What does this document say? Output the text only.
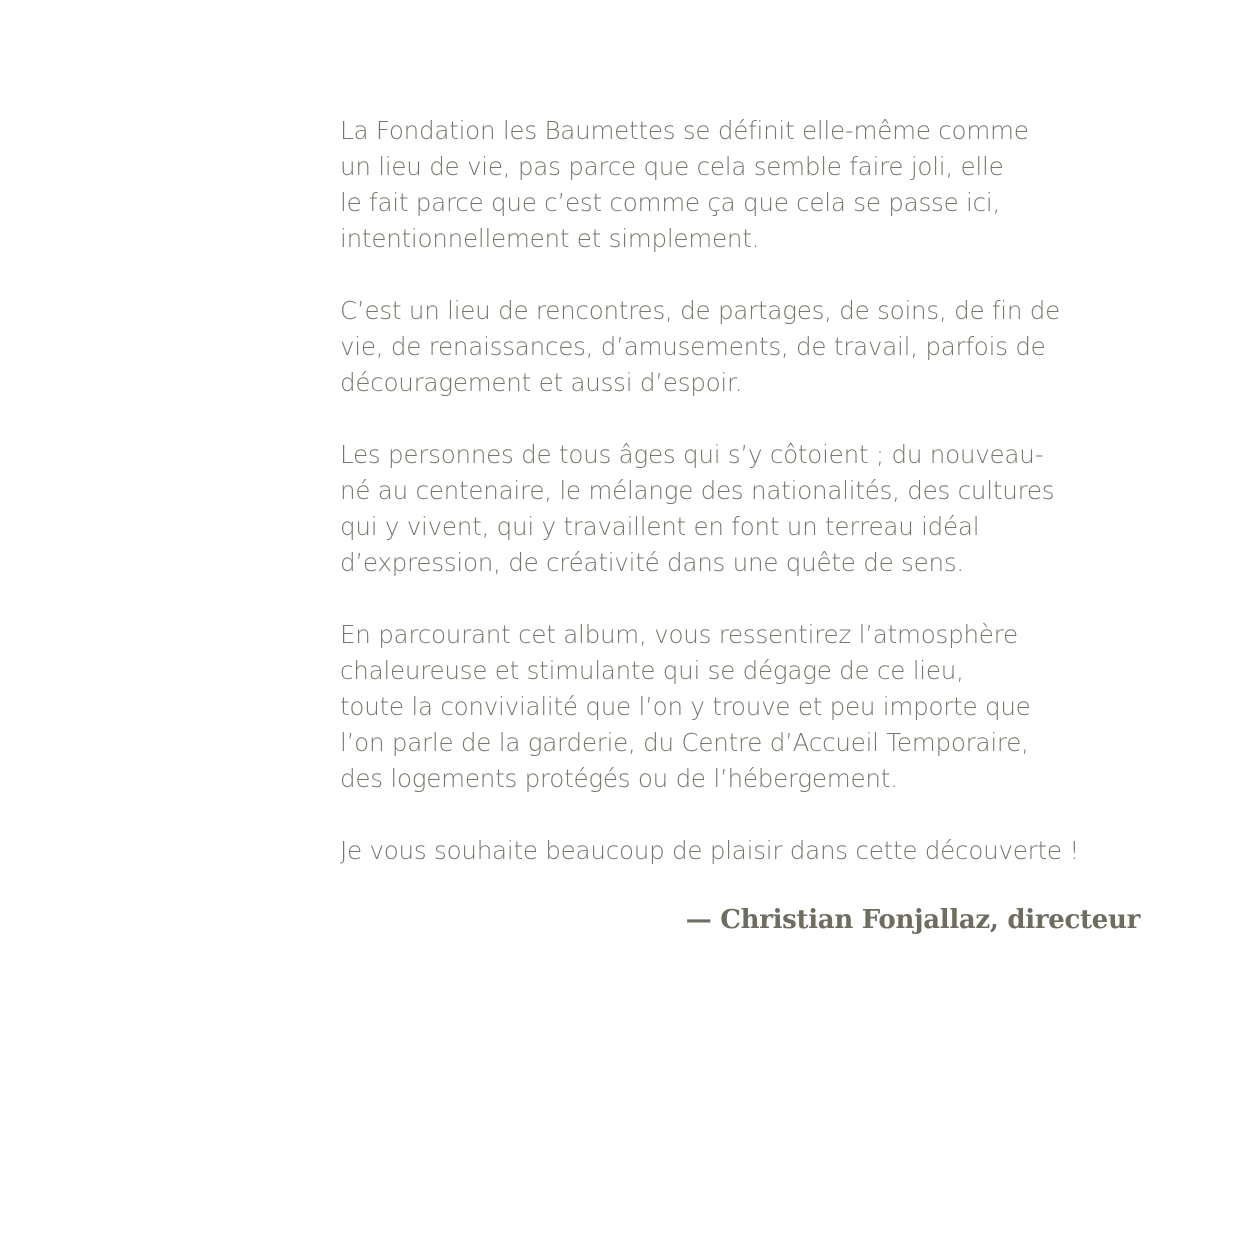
La Fondation les Baumettes se définit elle-même comme
un lieu de vie, pas parce que cela semble faire joli, elle
le fait parce que c’est comme ça que cela se passe ici,
intentionnellement et simplement.

C’est un lieu de rencontres, de partages, de soins, de fin de
vie, de renaissances, d’amusements, de travail, parfois de
découragement et aussi d’espoir.

Les personnes de tous âges qui s’y côtoient ; du nouveau-
né au centenaire, le mélange des nationalités, des cultures
qui y vivent, qui y travaillent en font un terreau idéal
d’expression, de créativité dans une quête de sens.

En parcourant cet album, vous ressentirez l’atmosphère
chaleureuse et stimulante qui se dégage de ce lieu,
toute la convivialité que l’on y trouve et peu importe que
l’on parle de la garderie, du Centre d’Accueil Temporaire,
des logements protégés ou de l’hébergement.

Je vous souhaite beaucoup de plaisir dans cette découverte !

— Christian Fonjallaz, directeur
